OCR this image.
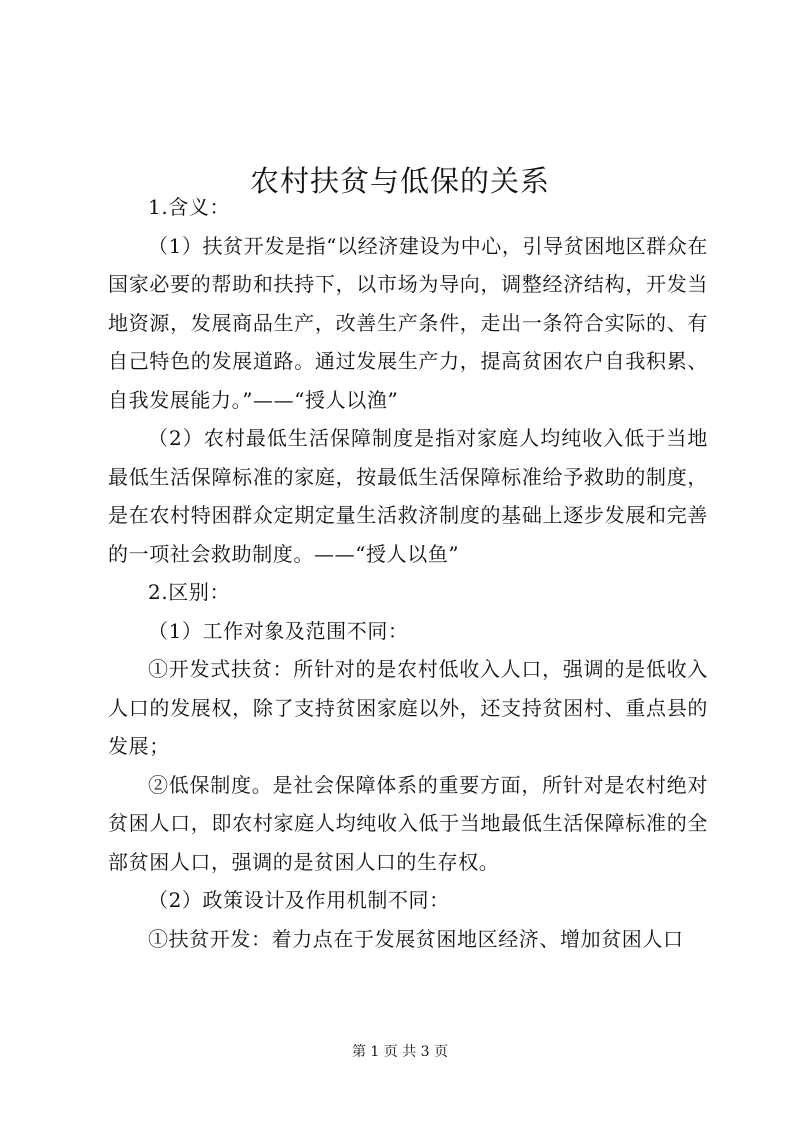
农村扶贫与低保的关系

1.含义：

（1）扶贫开发是指“以经济建设为中心，引导贫困地区群众在国家必要的帮助和扶持下，以市场为导向，调整经济结构，开发当地资源，发展商品生产，改善生产条件，走出一条符合实际的、有自己特色的发展道路。通过发展生产力，提高贫困农户自我积累、自我发展能力。”——“授人以渔”

（2）农村最低生活保障制度是指对家庭人均纯收入低于当地最低生活保障标准的家庭，按最低生活保障标准给予救助的制度，是在农村特困群众定期定量生活救济制度的基础上逐步发展和完善的一项社会救助制度。——“授人以鱼”

2.区别：

（1）工作对象及范围不同：

①开发式扶贫：所针对的是农村低收入人口，强调的是低收入人口的发展权，除了支持贫困家庭以外，还支持贫困村、重点县的发展；

②低保制度。是社会保障体系的重要方面，所针对是农村绝对贫困人口，即农村家庭人均纯收入低于当地最低生活保障标准的全部贫困人口，强调的是贫困人口的生存权。

（2）政策设计及作用机制不同：

①扶贫开发：着力点在于发展贫困地区经济、增加贫困人口

第 1 页 共 3 页
